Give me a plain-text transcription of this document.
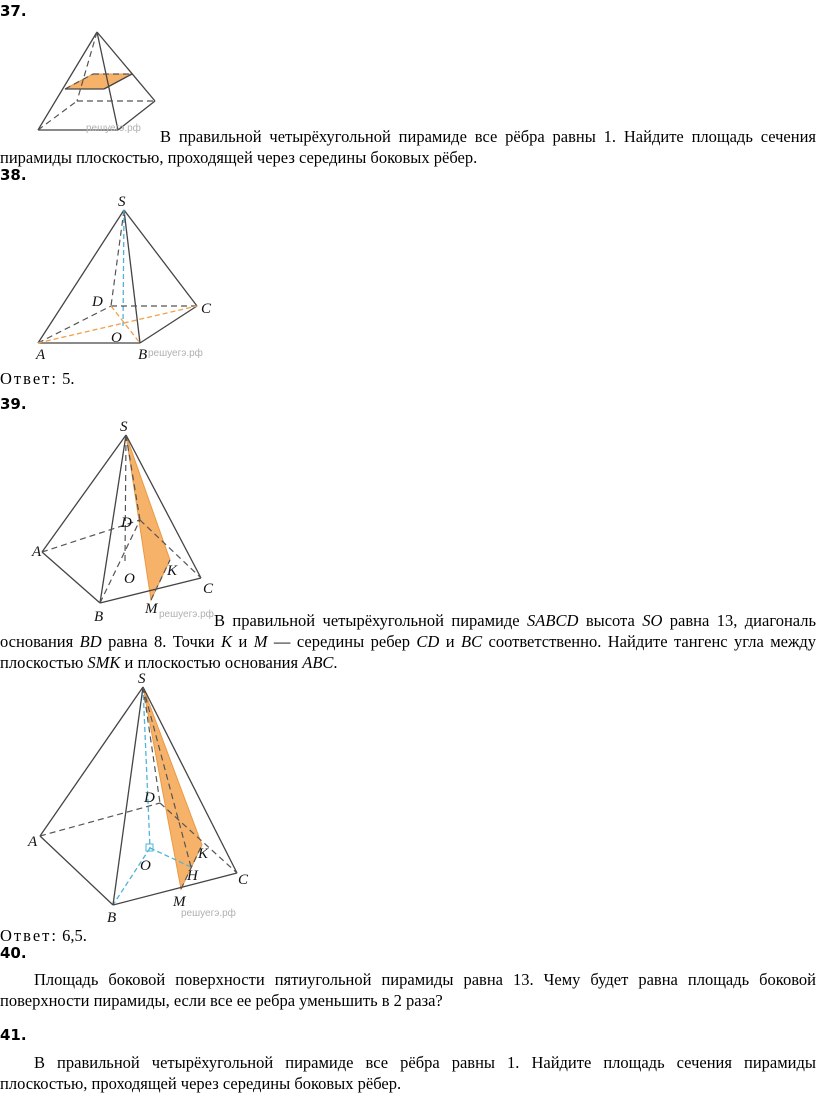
37.
решуегэ.рф	В правильной четырёхугольной пирамиде все рёбра равны 1. Найдите площадь сечения пирамиды плоскостью, проходящей через середины боковых рёбер.
38.
S
D	C
O
A	B решуегэ.рф
Ответ: 5.
39.
S
D
A
O K
C
B	M решуегэ.рф В правильной четырёхугольной пирамиде SABCD высота SO равна 13, диагональ основания BD равна 8. Точки K и M — середины ребер CD и BC соответственно. Найдите тангенс угла между плоскостью SMK и плоскостью основания ABC.
S
D
A
O
K
H	C
M
B	решуегэ.рф
Ответ: 6,5.
40.
Площадь боковой поверхности пятиугольной пирамиды равна 13. Чему будет равна площадь боковой поверхности пирамиды, если все ее ребра уменьшить в 2 раза?
41.
В правильной четырёхугольной пирамиде все рёбра равны 1. Найдите площадь сечения пирамиды плоскостью, проходящей через середины боковых рёбер.
